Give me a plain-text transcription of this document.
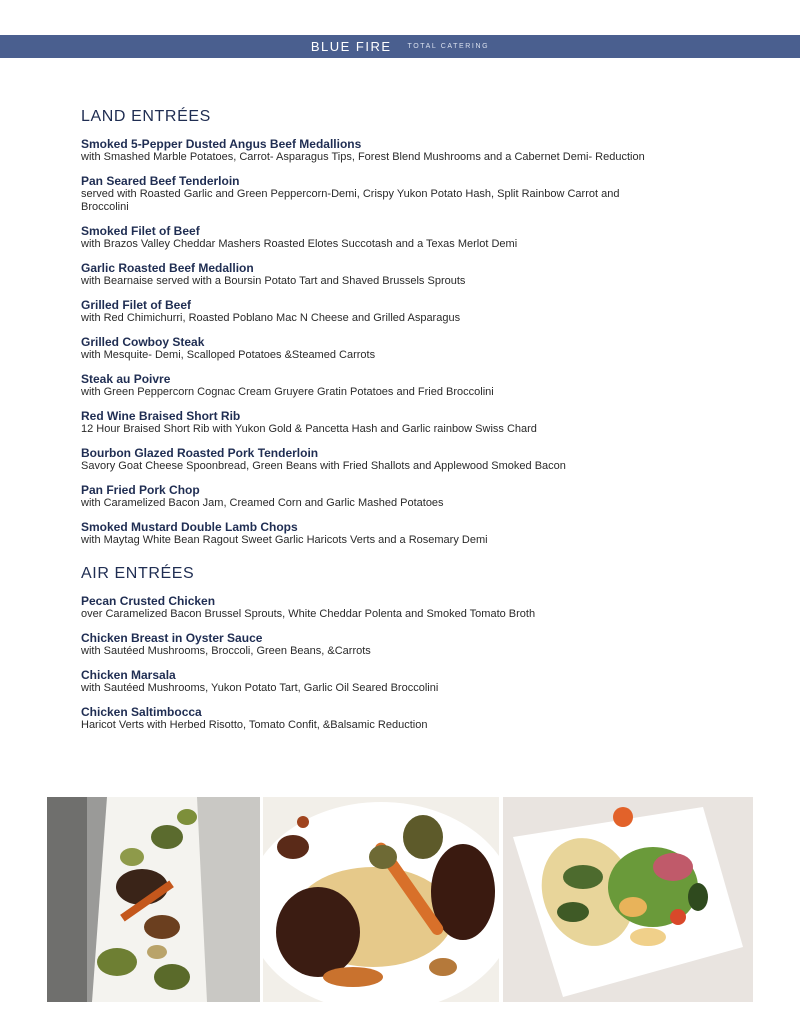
BLUE FIRE TOTAL CATERING
LAND ENTRÉES
Smoked 5-Pepper Dusted Angus Beef Medallions
with Smashed Marble Potatoes, Carrot- Asparagus Tips, Forest Blend Mushrooms and a Cabernet Demi- Reduction
Pan Seared Beef Tenderloin
served with Roasted Garlic and Green Peppercorn-Demi, Crispy Yukon Potato Hash, Split Rainbow Carrot and Broccolini
Smoked Filet of Beef
with Brazos Valley Cheddar Mashers Roasted Elotes Succotash and a Texas Merlot Demi
Garlic Roasted Beef Medallion
with Bearnaise served with a Boursin Potato Tart and Shaved Brussels Sprouts
Grilled Filet of Beef
with Red Chimichurri, Roasted Poblano Mac N Cheese and Grilled Asparagus
Grilled Cowboy Steak
with Mesquite- Demi, Scalloped Potatoes &Steamed Carrots
Steak au Poivre
with Green Peppercorn Cognac Cream Gruyere Gratin Potatoes and Fried Broccolini
Red Wine Braised Short Rib
12 Hour Braised Short Rib with Yukon Gold & Pancetta Hash and Garlic rainbow Swiss Chard
Bourbon Glazed Roasted Pork Tenderloin
Savory Goat Cheese Spoonbread, Green Beans with Fried Shallots and Applewood Smoked Bacon
Pan Fried Pork Chop
with Caramelized Bacon Jam, Creamed Corn and Garlic Mashed Potatoes
Smoked Mustard Double Lamb Chops
with Maytag White Bean Ragout Sweet Garlic Haricots Verts and a Rosemary Demi
AIR ENTRÉES
Pecan Crusted Chicken
over Caramelized Bacon Brussel Sprouts, White Cheddar Polenta and Smoked Tomato Broth
Chicken Breast in Oyster Sauce
with Sautéed Mushrooms, Broccoli, Green Beans, &Carrots
Chicken Marsala
with Sautéed Mushrooms, Yukon Potato Tart, Garlic Oil Seared Broccolini
Chicken Saltimbocca
Haricot Verts with Herbed Risotto, Tomato Confit, &Balsamic Reduction
